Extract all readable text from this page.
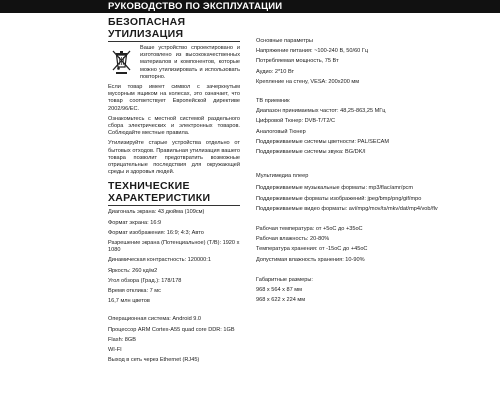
РУКОВОДСТВО ПО ЭКСПЛУАТАЦИИ
БЕЗОПАСНАЯ УТИЛИЗАЦИЯ
Ваше устройство спроектировано и изготовлено из высококачественных материалов и компонентов, которые можно утилизировать и использовать повторно.
Если товар имеет символ с зачеркнутым мусорным ящиком на колесах, это означает, что товар соответствует Европейской директиве 2002/96/ЕС.
Ознакомьтесь с местной системой раздельного сбора электрических и электронных товаров. Соблюдайте местные правила.
Утилизируйте старые устройства отдельно от бытовых отходов. Правильная утилизация вашего товара позволит предотвратить возможные отрицательные последствия для окружающей среды и здоровья людей.
ТЕХНИЧЕСКИЕ ХАРАКТЕРИСТИКИ
Диагональ экрана: 43 дюйма (109см)
Формат экрана: 16:9
Формат изображения: 16:9; 4:3; Авто
Разрешение экрана (Потенциальное) (T/B): 1920 x 1080
Динамическая контрастность: 120000:1
Яркость: 260 кд/м2
Угол обзора (Град.): 178/178
Время отклика: 7 мс
16,7 млн цветов
Операционная система: Android 9.0
Процессор ARM Cortex-A55 quad core DDR: 1GB
Flash: 8GB
WI-FI
Выход в сеть через Ethernet (RJ45)
Основные параметры
Напряжение питания: ~100-240 В, 50/60 Гц
Потребляемая мощность, 75 Вт
Аудио: 2*10 Вт
Крепление на стену, VESA: 200x200 мм
ТВ приемник
Диапазон принимаемых частот: 48,25-863,25 МГц
Цифровой Тюнер: DVB-T/T2/C
Аналоговый Тюнер
Поддерживаемые системы цветности: PAL/SECAM
Поддерживаемые системы звука: BG/DK/I
Мультимедиа плеер
Поддерживаемые музыкальные форматы: mp3/flac/amr/pcm
Поддерживаемые форматы изображений: jpeg/bmp/png/gif/mpo
Поддерживаемые видео форматы: avi/mpg/mov/ts/mkv/dat/mp4/vob/flv
Рабочая температура: от +5oС до +35oС
Рабочая влажность: 20-80%
Температура хранения: от -15oС до +45oС
Допустимая влажность хранения: 10-90%
Габаритные размеры:
968 x 564 x 87 мм
968 x 622 x 224 мм
